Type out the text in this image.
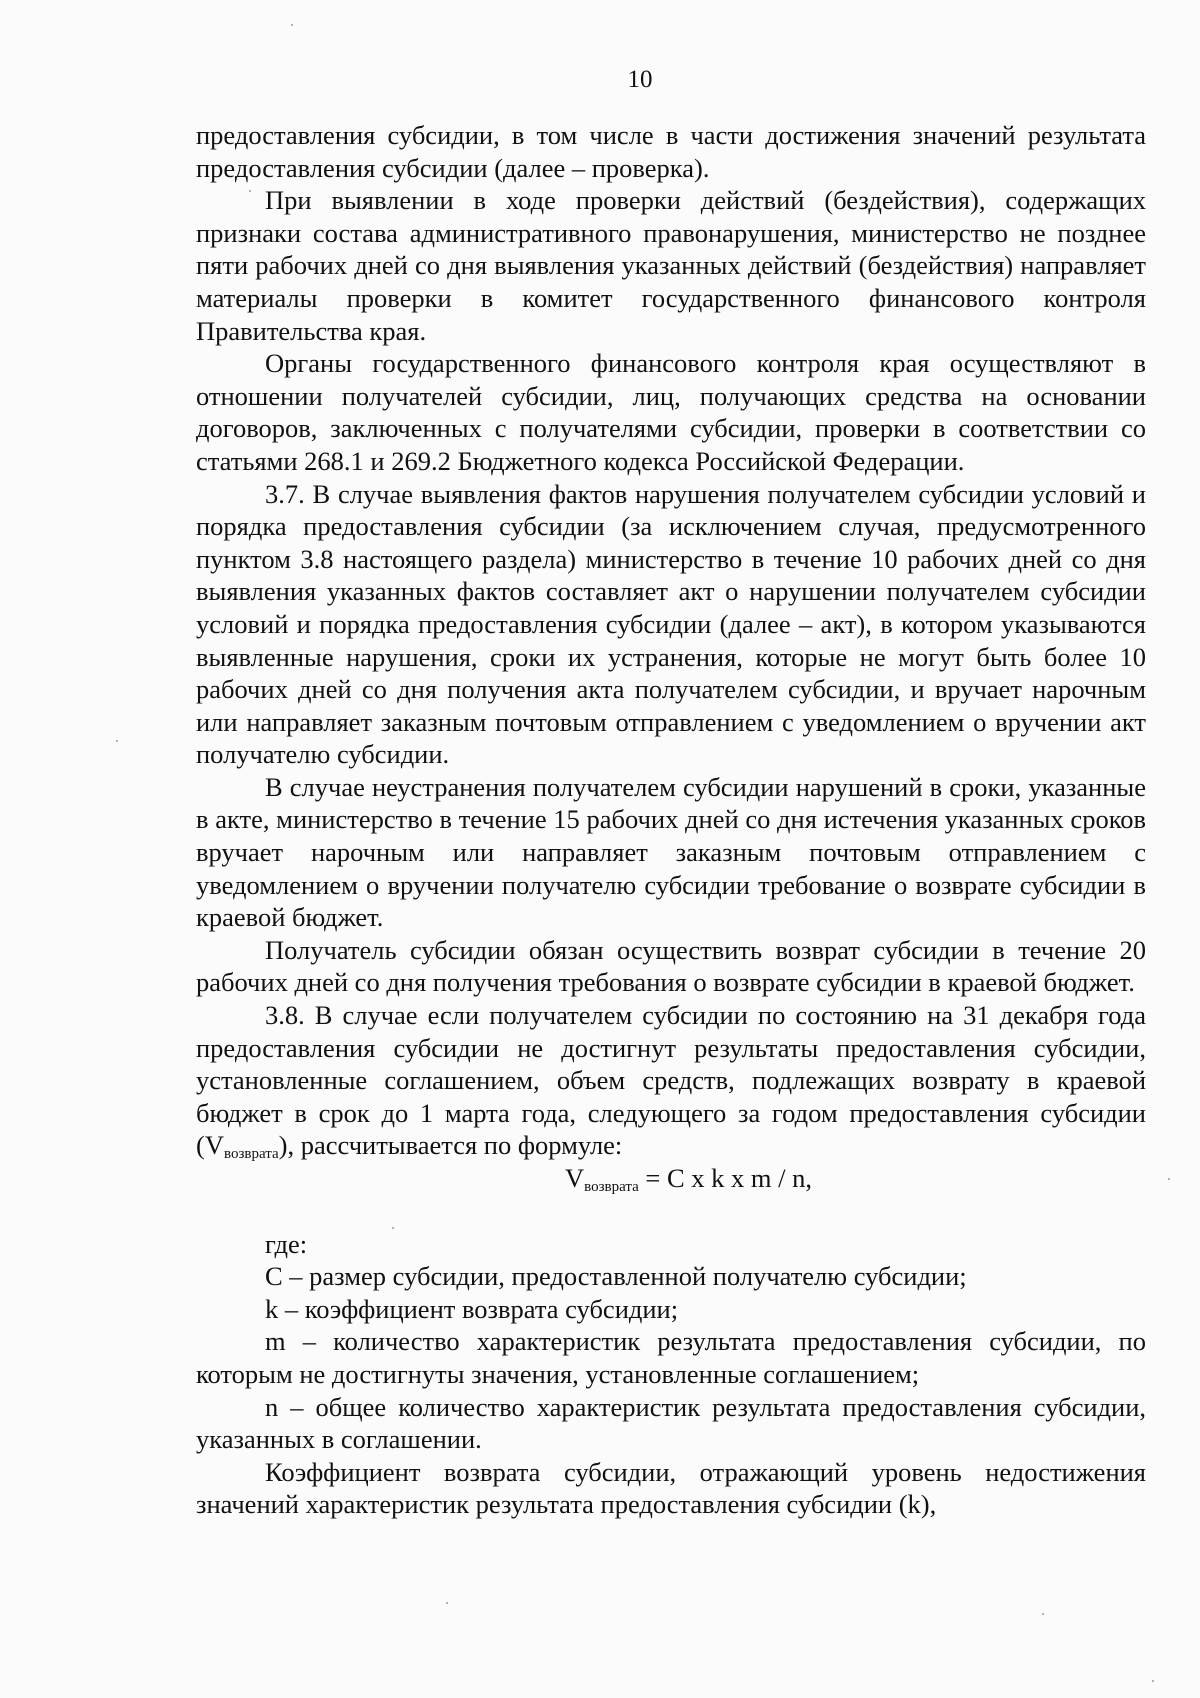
10

предоставления субсидии, в том числе в части достижения значений результата предоставления субсидии (далее – проверка).

При выявлении в ходе проверки действий (бездействия), содержащих признаки состава административного правонарушения, министерство не позднее пяти рабочих дней со дня выявления указанных действий (бездействия) направляет материалы проверки в комитет государственного финансового контроля Правительства края.

Органы государственного финансового контроля края осуществляют в отношении получателей субсидии, лиц, получающих средства на основании договоров, заключенных с получателями субсидии, проверки в соответствии со статьями 268.1 и 269.2 Бюджетного кодекса Российской Федерации.

3.7. В случае выявления фактов нарушения получателем субсидии условий и порядка предоставления субсидии (за исключением случая, предусмотренного пунктом 3.8 настоящего раздела) министерство в течение 10 рабочих дней со дня выявления указанных фактов составляет акт о нарушении получателем субсидии условий и порядка предоставления субсидии (далее – акт), в котором указываются выявленные нарушения, сроки их устранения, которые не могут быть более 10 рабочих дней со дня получения акта получателем субсидии, и вручает нарочным или направляет заказным почтовым отправлением с уведомлением о вручении акт получателю субсидии.

В случае неустранения получателем субсидии нарушений в сроки, указанные в акте, министерство в течение 15 рабочих дней со дня истечения указанных сроков вручает нарочным или направляет заказным почтовым отправлением с уведомлением о вручении получателю субсидии требование о возврате субсидии в краевой бюджет.

Получатель субсидии обязан осуществить возврат субсидии в течение 20 рабочих дней со дня получения требования о возврате субсидии в краевой бюджет.

3.8. В случае если получателем субсидии по состоянию на 31 декабря года предоставления субсидии не достигнут результаты предоставления субсидии, установленные соглашением, объем средств, подлежащих возврату в краевой бюджет в срок до 1 марта года, следующего за годом предоставления субсидии $(V_{возврата})$, рассчитывается по формуле:

$V_{возврата} = C$ x k x m / n,

где:

C – размер субсидии, предоставленной получателю субсидии;

k – коэффициент возврата субсидии;

m – количество характеристик результата предоставления субсидии, по которым не достигнуты значения, установленные соглашением;

n – общее количество характеристик результата предоставления субсидии, указанных в соглашении.

Коэффициент возврата субсидии, отражающий уровень недостижения значений характеристик результата предоставления субсидии (k),
